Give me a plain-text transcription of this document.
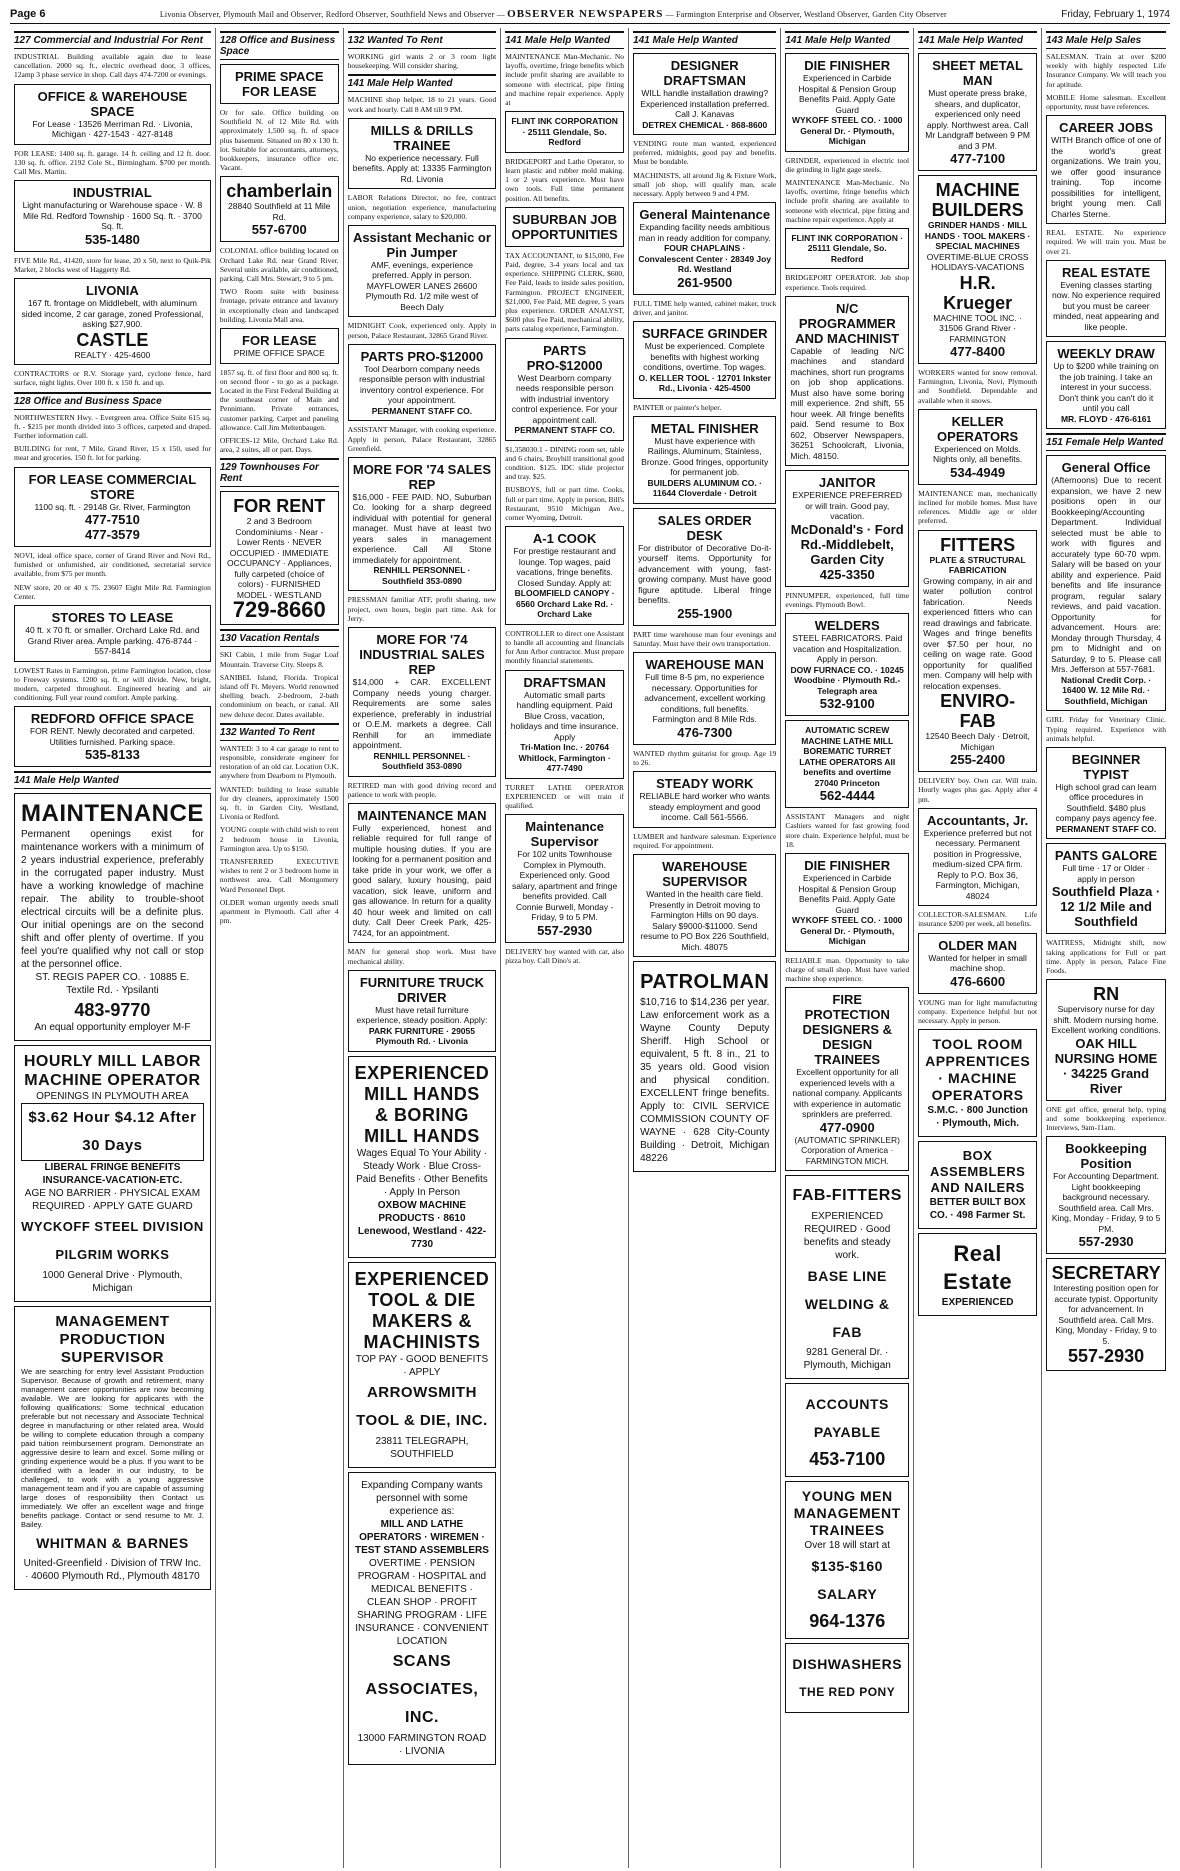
Page 6	Livonia Observer, Plymouth Mail and Observer, Redford Observer, Southfield News and Observer — OBSERVER NEWSPAPERS — Farmington Enterprise and Observer, Westland Observer, Garden City Observer	Friday, February 1, 1974
127 Commercial and Industrial For Rent
INDUSTRIAL Building available again due to lease cancellation. 2000 sq. ft., electric overhead door, 3 offices, 12amp 3 phase service in shop. Call days 474-7200 or evenings.
OFFICE & WAREHOUSE SPACE
For Lease · 13526 Merriman Rd. · Livonia, Michigan · 427-1543 · 427-8148
FOR LEASE: 1400 sq. ft. garage. 14 ft. ceiling and 12 ft. door. 130 sq. ft. office. 2192 Cole St., Birmingham. $700 per month. Call Mrs. Martin.
INDUSTRIAL
Light manufacturing or Warehouse space · W. 8 Mile Rd. Redford Township · 1600 Sq. ft. · 3700 Sq. ft.
535-1480
FIVE Mile Rd., 41420, store for lease, 20 x 50, next to Quik-Pik Market, 2 blocks west of Haggerty Rd.
LIVONIA
167 ft. frontage on Middlebelt, with aluminum sided income, 2 car garage, zoned Professional, asking $27,900.
CASTLE
REALTY · 425-4600
CONTRACTORS or R.V. Storage yard, cyclone fence, hard surface, night lights. Over 100 ft. x 150 ft. and up.
128 Office and Business Space
NORTHWESTERN Hwy. - Evergreen area. Office Suite 615 sq. ft. - $215 per month divided into 3 offices, carpeted and draped. Further information call.
BUILDING for rent, 7 Mile, Grand River, 15 x 150, used for meat and groceries. 150 ft. lot for parking.
FOR LEASE COMMERCIAL STORE
1100 sq. ft. · 29148 Gr. River, Farmington
477-7510
477-3579
NOVI, ideal office space, corner of Grand River and Novi Rd., furnished or unfurnished, air conditioned, secretarial service available, from $75 per month.
NEW store, 20 or 40 x 75. 23607 Eight Mile Rd. Farmington Center.
STORES TO LEASE
40 ft. x 70 ft. or smaller. Orchard Lake Rd. and Grand River area. Ample parking. 476-8744 · 557-8414
LOWEST Rates in Farmington, prime Farmington location, close to Freeway systems. 1200 sq. ft. or will divide. New, bright, modern, carpeted throughout. Engineered heating and air conditioning. Full year round comfort. Ample parking.
REDFORD OFFICE SPACE
FOR RENT. Newly decorated and carpeted. Utilities furnished. Parking space.
535-8133
141 Male Help Wanted
MAINTENANCE
Permanent openings exist for maintenance workers with a minimum of 2 years industrial experience, preferably in the corrugated paper industry. Must have a working knowledge of machine repair. The ability to trouble-shoot electrical circuits will be a definite plus. Our initial openings are on the second shift and offer plenty of overtime. If you feel you're qualified why not call or stop at the personnel office.
ST. REGIS PAPER CO. · 10885 E. Textile Rd. · Ypsilanti
483-9770
An equal opportunity employer M-F
HOURLY MILL LABOR MACHINE OPERATOR
OPENINGS IN PLYMOUTH AREA
$3.62 Hour $4.12 After 30 Days
LIBERAL FRINGE BENEFITS INSURANCE-VACATION-ETC.
AGE NO BARRIER · PHYSICAL EXAM REQUIRED · APPLY GATE GUARD
WYCKOFF STEEL DIVISION PILGRIM WORKS
1000 General Drive · Plymouth, Michigan
MANAGEMENT PRODUCTION SUPERVISOR
We are searching for entry level Assistant Production Supervisor. Because of growth and retirement, many management career opportunities are now becoming available. We are looking for applicants with the following qualifications: Some technical education preferable but not necessary and Associate Technical degree in manufacturing or other related area. Would be willing to complete education through a company paid tuition reimbursement program. Demonstrate an aggressive desire to learn and excel. Some milling or grinding experience would be a plus. If you want to be identified with a leader in our industry, to be challenged, to work with a young aggressive management team and if you are capable of assuming large doses of responsibility then Contact us immediately. We offer an excellent wage and fringe benefits package. Contact or send resume to Mr. J. Bailey.
WHITMAN & BARNES
United-Greenfield · Division of TRW Inc. · 40600 Plymouth Rd., Plymouth 48170
128 Office and Business Space
PRIME SPACE FOR LEASE
Or for sale. Office building on Southfield N. of 12 Mile Rd. with approximately 1,500 sq. ft. of space plus basement. Situated on 80 x 130 ft. lot. Suitable for accountants, attorneys, bookkeepers, insurance office etc. Vacant.
chamberlain
28840 Southfield at 11 Mile Rd.
557-6700
COLONIAL office building located on Orchard Lake Rd. near Grand River. Several units available, air conditioned, parking. Call Mrs. Stewart, 9 to 5 pm.
TWO Room suite with business frontage, private entrance and lavatory in exceptionally clean and landscaped building. Livonia Mall area.
FOR LEASE
PRIME OFFICE SPACE
1857 sq. ft. of first floor and 800 sq. ft. on second floor - to go as a package. Located in the First Federal Building at the southeast corner of Main and Pennimann. Private entrances, customer parking. Carpet and paneling allowance. Call Jim Meltenbaugen.
OFFICES-12 Mile, Orchard Lake Rd. area, 2 suites, all or part. Days.
129 Townhouses For Rent
FOR RENT
2 and 3 Bedroom Condominiums · Near - Lower Rents · NEVER OCCUPIED · IMMEDIATE OCCUPANCY · Appliances, fully carpeted (choice of colors) · FURNISHED MODEL · WESTLAND
729-8660
130 Vacation Rentals
SKI Cabin, 1 mile from Sugar Loaf Mountain. Traverse City. Sleeps 8.
SANIBEL Island, Florida. Tropical island off Ft. Meyers. World renowned shelling beach. 2-bedroom, 2-bath condominium on beach, or canal. All new deluxe decor. Dates available.
132 Wanted To Rent
WANTED: 3 to 4 car garage to rent to responsible, considerate engineer for restoration of an old car. Location O.K. anywhere from Dearborn to Plymouth.
WANTED: building to lease suitable for dry cleaners, approximately 1500 sq. ft. in Garden City, Westland, Livonia or Redford.
YOUNG couple with child wish to rent 2 bedroom house in Livonia, Farmington area. Up to $150.
TRANSFERRED EXECUTIVE wishes to rent 2 or 3 bedroom home in northwest area. Call Montgomery Ward Personnel Dept.
OLDER woman urgently needs small apartment in Plymouth. Call after 4 pm.
132 Wanted To Rent
WORKING girl wants 2 or 3 room light housekeeping. Will consider sharing.
141 Male Help Wanted
MACHINE shop helper, 18 to 21 years. Good work and hourly. Call 8 AM till 9 PM.
MILLS & DRILLS TRAINEE
No experience necessary. Full benefits. Apply at: 13335 Farmington Rd. Livonia
LABOR Relations Director, no fee, contract union, negotiation experience, manufacturing company experience, salary to $20,000.
Assistant Mechanic or Pin Jumper
AMF, evenings, experience preferred. Apply in person. MAYFLOWER LANES 26600 Plymouth Rd. 1/2 mile west of Beech Daly
MIDNIGHT Cook, experienced only. Apply in person, Palace Restaurant, 32865 Grand River.
PARTS PRO-$12000
Tool Dearborn company needs responsible person with industrial inventory control experience. For your appointment.
PERMANENT STAFF CO.
ASSISTANT Manager, with cooking experience. Apply in person, Palace Restaurant, 32865 Greenfield.
MORE FOR '74 SALES REP
$16,000 - FEE PAID. NO, Suburban Co. looking for a sharp degreed individual with potential for general manager. Must have at least two years sales in management experience. Call All Stone immediately for appointment.
RENHILL PERSONNEL · Southfield 353-0890
PRESSMAN familiar ATF, profit sharing, new project, own hours, begin part time. Ask for Jerry.
MORE FOR '74 INDUSTRIAL SALES REP
$14,000 + CAR. EXCELLENT Company needs young charger. Requirements are some sales experience, preferably in industrial or O.E.M. markets a degree. Call Renhill for an immediate appointment.
RENHILL PERSONNEL · Southfield 353-0890
RETIRED man with good driving record and patience to work with people.
MAINTENANCE MAN
Fully experienced, honest and reliable required for full range of multiple housing duties. If you are looking for a permanent position and take pride in your work, we offer a good salary, luxury housing, paid vacation, sick leave, uniform and gas allowance. In return for a quality 40 hour week and limited on call duty. Call Deer Creek Park, 425-7424, for an appointment.
MAN for general shop work. Must have mechanical ability.
FURNITURE TRUCK DRIVER
Must have retail furniture experience, steady position. Apply:
PARK FURNITURE · 29055 Plymouth Rd. · Livonia
EXPERIENCED MILL HANDS & BORING MILL HANDS
Wages Equal To Your Ability · Steady Work · Blue Cross-Paid Benefits · Other Benefits · Apply In Person
OXBOW MACHINE PRODUCTS · 8610 Lenewood, Westland · 422-7730
EXPERIENCED TOOL & DIE MAKERS & MACHINISTS
TOP PAY - GOOD BENEFITS · APPLY
ARROWSMITH TOOL & DIE, INC.
23811 TELEGRAPH, SOUTHFIELD
Expanding Company wants personnel with some experience as:
MILL AND LATHE OPERATORS · WIREMEN · TEST STAND ASSEMBLERS
OVERTIME · PENSION PROGRAM · HOSPITAL and MEDICAL BENEFITS · CLEAN SHOP · PROFIT SHARING PROGRAM · LIFE INSURANCE · CONVENIENT LOCATION
SCANS ASSOCIATES, INC.
13000 FARMINGTON ROAD · LIVONIA
141 Male Help Wanted
MAINTENANCE Man-Mechanic. No layoffs, overtime, fringe benefits which include profit sharing are available to someone with electrical, pipe fitting and machine repair experience. Apply at
FLINT INK CORPORATION · 25111 Glendale, So. Redford
BRIDGEPORT and Lathe Operator, to learn plastic and rubber mold making. 1 or 2 years experience. Must have own tools. Full time permanent position. All benefits.
SUBURBAN JOB OPPORTUNITIES
TAX ACCOUNTANT, to $15,000, Fee Paid, degree, 3-4 years local and tax experience. SHIPPING CLERK, $600, Fee Paid, leads to inside sales position, Farmington. PROJECT ENGINEER, $21,000, Fee Paid, ME degree, 5 years plus experience. ORDER ANALYST, $600 plus Fee Paid, mechanical ability, parts catalog experience, Farmington.
PARTS PRO-$12000
West Dearborn company needs responsible person with industrial inventory control experience. For your appointment call.
PERMANENT STAFF CO.
$1,358030.1 - DINING room set, table and 6 chairs, Broyhill transitional good condition. $125. IDC slide projector and tray. $25.
BUSBOYS, full or part time. Cooks, full or part time. Apply in person, Bill's Restaurant, 9510 Michigan Ave., corner Wyoming, Detroit.
A-1 COOK
For prestige restaurant and lounge. Top wages, paid vacations, fringe benefits. Closed Sunday. Apply at:
BLOOMFIELD CANOPY · 6560 Orchard Lake Rd. · Orchard Lake
CONTROLLER to direct one Assistant to handle all accounting and financials for Ann Arbor contractor. Must prepare monthly financial statements.
DRAFTSMAN
Automatic small parts handling equipment. Paid Blue Cross, vacation, holidays and time insurance. Apply
Tri-Mation Inc. · 20764 Whitlock, Farmington · 477-7490
TURRET LATHE OPERATOR EXPERIENCED or will train if qualified.
Maintenance Supervisor
For 102 units Townhouse Complex in Plymouth. Experienced only. Good salary, apartment and fringe benefits provided. Call Connie Burwell, Monday - Friday, 9 to 5 PM.
557-2930
DELIVERY boy wanted with car, also pizza boy. Call Dino's at.
141 Male Help Wanted
DESIGNER DRAFTSMAN
WILL handle installation drawing? Experienced installation preferred. Call J. Kanavas
DETREX CHEMICAL · 868-8600
VENDING route man wanted, experienced preferred, midnights, good pay and benefits. Must be bondable.
MACHINISTS, all around Jig & Fixture Work, small job shop, will qualify man, scale necessary. Apply between 9 and 4 PM.
General Maintenance
Expanding facility needs ambitious man in ready addition for company.
FOUR CHAPLAINS · Convalescent Center · 28349 Joy Rd. Westland
261-9500
FULL TIME help wanted, cabinet maker, truck driver, and janitor.
SURFACE GRINDER
Must be experienced. Complete benefits with highest working conditions, overtime. Top wages.
O. KELLER TOOL · 12701 Inkster Rd., Livonia · 425-4500
PAINTER or painter's helper.
METAL FINISHER
Must have experience with Railings, Aluminum, Stainless, Bronze. Good fringes, opportunity for permanent job.
BUILDERS ALUMINUM CO. · 11644 Cloverdale · Detroit
SALES ORDER DESK
For distributor of Decorative Do-it-yourself items. Opportunity for advancement with young, fast-growing company. Must have good figure aptitude. Liberal fringe benefits.
255-1900
PART time warehouse man four evenings and Saturday. Must have their own transportation.
WAREHOUSE MAN
Full time 8-5 pm, no experience necessary. Opportunities for advancement, excellent working conditions, full benefits. Farmington and 8 Mile Rds.
476-7300
WANTED rhythm guitarist for group. Age 19 to 26.
STEADY WORK
RELIABLE hard worker who wants steady employment and good income. Call 561-5566.
LUMBER and hardware salesman. Experience required. For appointment.
WAREHOUSE SUPERVISOR
Wanted in the health care field. Presently in Detroit moving to Farmington Hills on 90 days. Salary $9000-$11000. Send resume to PO Box 226 Southfield, Mich. 48075
PATROLMAN
$10,716 to $14,236 per year. Law enforcement work as a Wayne County Deputy Sheriff. High School or equivalent, 5 ft. 8 in., 21 to 35 years old. Good vision and physical condition. EXCELLENT fringe benefits. Apply to: CIVIL SERVICE COMMISSION COUNTY OF WAYNE · 628 City-County Building · Detroit, Michigan 48226
141 Male Help Wanted
DIE FINISHER
Experienced in Carbide Hospital & Pension Group Benefits Paid. Apply Gate Guard
WYKOFF STEEL CO. · 1000 General Dr. · Plymouth, Michigan
GRINDER, experienced in electric tool die grinding in light gage steels.
MAINTENANCE Man-Mechanic. No layoffs, overtime, fringe benefits which include profit sharing are available to someone with electrical, pipe fitting and machine repair experience. Apply at
FLINT INK CORPORATION · 25111 Glendale, So. Redford
BRIDGEPORT OPERATOR. Job shop experience. Tools required.
N/C PROGRAMMER AND MACHINIST
Capable of leading N/C machines and standard machines, short run programs on job shop applications. Must also have some boring mill experience. 2nd shift, 55 hour week. All fringe benefits paid. Send resume to Box 602, Observer Newspapers, 36251 Schoolcraft, Livonia, Mich. 48150.
JANITOR
EXPERIENCE PREFERRED or will train. Good pay, vacation.
McDonald's · Ford Rd.-Middlebelt, Garden City
425-3350
PINNUMPER, experienced, full time evenings. Plymouth Bowl.
WELDERS
STEEL FABRICATORS. Paid vacation and Hospitalization. Apply in person.
DOW FURNACE CO. · 10245 Woodbine · Plymouth Rd.-Telegraph area
532-9100
AUTOMATIC SCREW MACHINE LATHE MILL BOREMATIC TURRET LATHE OPERATORS All benefits and overtime 27040 Princeton
562-4444
ASSISTANT Managers and night Cashiers wanted for fast growing food store chain. Experience helpful, must be 18.
DIE FINISHER
Experienced in Carbide Hospital & Pension Group Benefits Paid. Apply Gate Guard
WYKOFF STEEL CO. · 1000 General Dr. · Plymouth, Michigan
RELIABLE man. Opportunity to take charge of small shop. Must have varied machine shop experience.
FIRE PROTECTION DESIGNERS & DESIGN TRAINEES
Excellent opportunity for all experienced levels with a national company. Applicants with experience in automatic sprinklers are preferred.
477-0900
(AUTOMATIC SPRINKLER) Corporation of America · FARMINGTON MICH.
FAB-FITTERS
EXPERIENCED REQUIRED · Good benefits and steady work.
BASE LINE WELDING & FAB
9281 General Dr. · Plymouth, Michigan
ACCOUNTS PAYABLE
453-7100
YOUNG MEN MANAGEMENT TRAINEES
Over 18 will start at
$135-$160 SALARY
964-1376
DISHWASHERS
THE RED PONY
141 Male Help Wanted
SHEET METAL MAN
Must operate press brake, shears, and duplicator, experienced only need apply. Northwest area. Call Mr Landgraff between 9 PM and 3 PM.
477-7100
MACHINE BUILDERS
GRINDER HANDS · MILL HANDS · TOOL MAKERS · SPECIAL MACHINES
OVERTIME-BLUE CROSS HOLIDAYS-VACATIONS
H.R. Krueger
MACHINE TOOL INC. · 31506 Grand River · FARMINGTON
477-8400
WORKERS wanted for snow removal. Farmington, Livonia, Novi, Plymouth and Southfield. Dependable and available when it snows.
KELLER OPERATORS
Experienced on Molds. Nights only, all benefits.
534-4949
MAINTENANCE man, mechanically inclined for mobile homes. Must have references. Middle age or older preferred.
FITTERS
PLATE & STRUCTURAL FABRICATION
Growing company, in air and water pollution control fabrication. Needs experienced fitters who can read drawings and fabricate. Wages and fringe benefits over $7.50 per hour, no ceiling on wage rate. Good opportunity for qualified men. Company will help with relocation expenses.
ENVIRO-FAB
12540 Beech Daly · Detroit, Michigan
255-2400
DELIVERY boy. Own car. Will train. Hourly wages plus gas. Apply after 4 pm.
Accountants, Jr.
Experience preferred but not necessary. Permanent position in Progressive, medium-sized CPA firm. Reply to P.O. Box 36, Farmington, Michigan, 48024
COLLECTOR-SALESMAN. Life insurance $200 per week, all benefits.
OLDER MAN
Wanted for helper in small machine shop.
476-6600
YOUNG man for light manufacturing company. Experience helpful but not necessary. Apply in person.
TOOL ROOM APPRENTICES · MACHINE OPERATORS
S.M.C. · 800 Junction · Plymouth, Mich.
BOX ASSEMBLERS AND NAILERS
BETTER BUILT BOX CO. · 498 Farmer St.
Real Estate
EXPERIENCED
143 Male Help Sales
SALESMAN. Train at over $200 weekly with highly respected Life Insurance Company. We will teach you for aptitude.
MOBILE Home salesman. Excellent opportunity, must have references.
CAREER JOBS
WITH Branch office of one of the world's great organizations. We train you, we offer good insurance training. Top income possibilities for intelligent, bright young men. Call Charles Sterne.
REAL ESTATE. No experience required. We will train you. Must be over 21.
REAL ESTATE
Evening classes starting now. No experience required but you must be career minded, neat appearing and like people.
WEEKLY DRAW
Up to $200 while training on the job training. I take an interest in your success. Don't think you can't do it until you call
MR. FLOYD · 476-6161
151 Female Help Wanted
General Office
(Afternoons) Due to recent expansion, we have 2 new positions open in our Bookkeeping/Accounting Department. Individual selected must be able to work with figures and accurately type 60-70 wpm. Salary will be based on your ability and experience. Paid benefits and life insurance program, regular salary reviews, and paid vacation. Opportunity for advancement. Hours are: Monday through Thursday, 4 pm to Midnight and on Saturday, 9 to 5. Please call Mrs. Jefferson at 557-7681.
National Credit Corp. · 16400 W. 12 Mile Rd. · Southfield, Michigan
GIRL Friday for Veterinary Clinic. Typing required. Experience with animals helpful.
BEGINNER TYPIST
High school grad can learn office procedures in Southfield. $480 plus company pays agency fee.
PERMANENT STAFF CO.
PANTS GALORE
Full time · 17 or Older · apply in person
Southfield Plaza · 12 1/2 Mile and Southfield
WAITRESS, Midnight shift, now taking applications for Full or part time. Apply in person, Palace Fine Foods.
RN
Supervisory nurse for day shift. Modern nursing home. Excellent working conditions.
OAK HILL NURSING HOME · 34225 Grand River
ONE girl office, general help, typing and some bookkeeping experience. Interviews, 9am-11am.
Bookkeeping Position
For Accounting Department. Light bookkeeping background necessary. Southfield area. Call Mrs. King, Monday - Friday, 9 to 5 PM.
557-2930
SECRETARY
Interesting position open for accurate typist. Opportunity for advancement. In Southfield area. Call Mrs. King, Monday - Friday, 9 to 5.
557-2930
